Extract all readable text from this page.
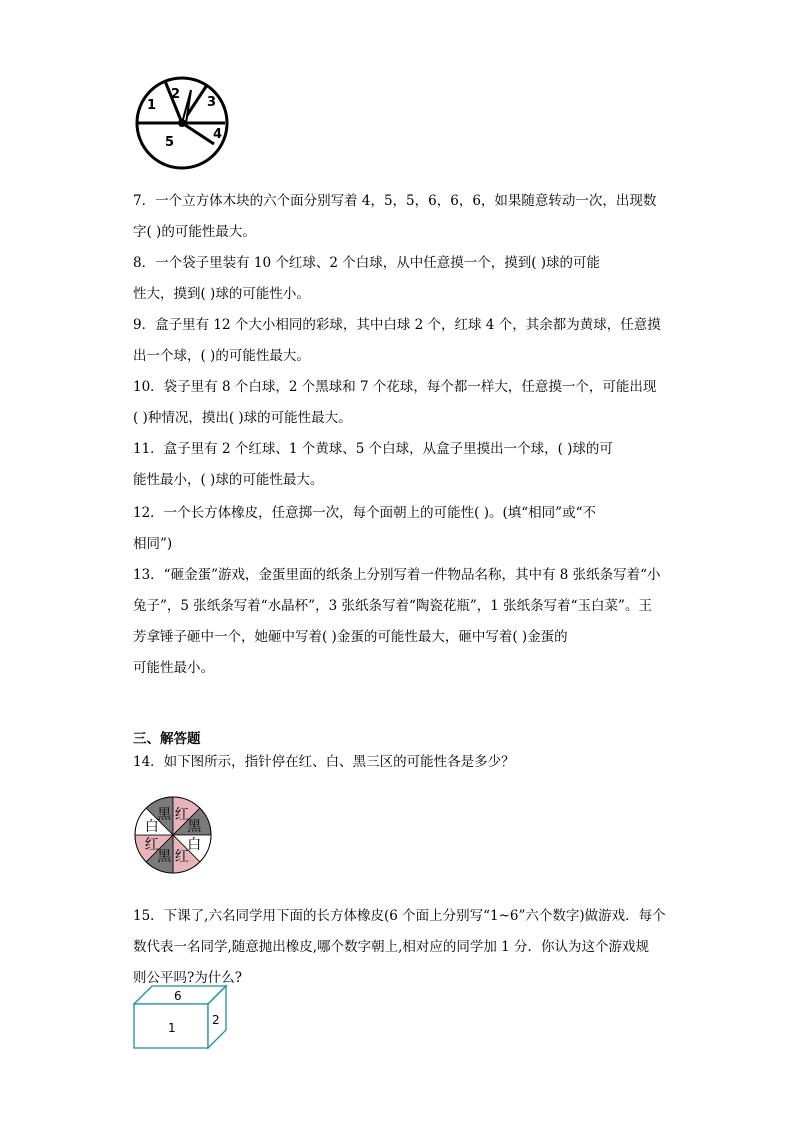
1
2
3
4
5
7．一个立方体木块的六个面分别写着 4，5，5，6，6，6，如果随意转动一次，出现数
字( )的可能性最大。
8．一个袋子里装有 10 个红球、2 个白球，从中任意摸一个，摸到( )球的可能
性大，摸到( )球的可能性小。
9．盒子里有 12 个大小相同的彩球，其中白球 2 个，红球 4 个，其余都为黄球，任意摸
出一个球，( )的可能性最大。
10．袋子里有 8 个白球，2 个黑球和 7 个花球，每个都一样大，任意摸一个，可能出现
( )种情况，摸出( )球的可能性最大。
11．盒子里有 2 个红球、1 个黄球、5 个白球，从盒子里摸出一个球，( )球的可
能性最小，( )球的可能性最大。
12．一个长方体橡皮，任意掷一次，每个面朝上的可能性( )。(填“相同”或“不
相同”)
13．“砸金蛋”游戏，金蛋里面的纸条上分别写着一件物品名称，其中有 8 张纸条写着“小
兔子”，5 张纸条写着“水晶杯”，3 张纸条写着“陶瓷花瓶”，1 张纸条写着“玉白菜”。王
芳拿锤子砸中一个，她砸中写着( )金蛋的可能性最大，砸中写着( )金蛋的
可能性最小。
三、解答题
14．如下图所示，指针停在红、白、黑三区的可能性各是多少？
黑 红
黑
白
红
黑
红
白
15．下课了,六名同学用下面的长方体橡皮(6 个面上分别写“1~6”六个数字)做游戏．每个
数代表一名同学,随意抛出橡皮,哪个数字朝上,相对应的同学加 1 分．你认为这个游戏规
则公平吗?为什么?
6
1
2
